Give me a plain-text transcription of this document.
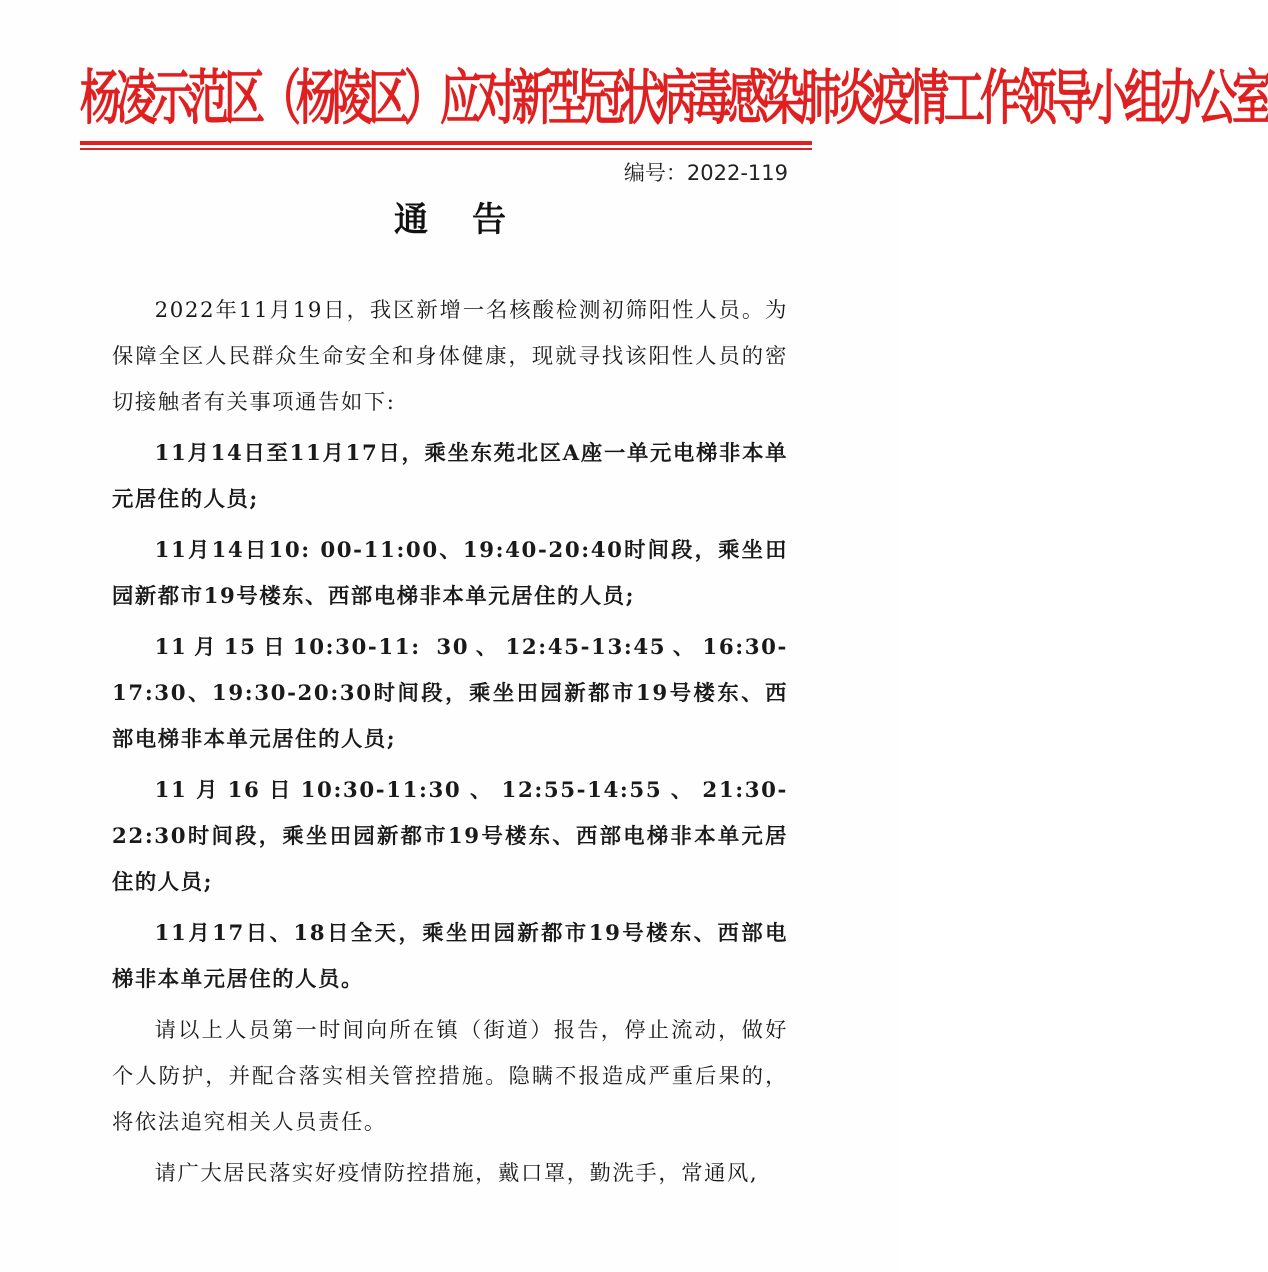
杨凌示范区（杨陵区）应对新型冠状病毒感染肺炎疫情工作领导小组办公室
编号：2022-119
通告

2022年11月19日，我区新增一名核酸检测初筛阳性人员。为保障全区人民群众生命安全和身体健康，现就寻找该阳性人员的密切接触者有关事项通告如下:

11月14日至11月17日，乘坐东苑北区A座一单元电梯非本单元居住的人员;

11月14日10: 00-11:00、19:40-20:40时间段，乘坐田园新都市19号楼东、西部电梯非本单元居住的人员;

11月15日10:30-11: 30、12:45-13:45、16:30-17:30、19:30-20:30时间段，乘坐田园新都市19号楼东、西部电梯非本单元居住的人员;

11月16日10:30-11:30、12:55-14:55、21:30-22:30时间段，乘坐田园新都市19号楼东、西部电梯非本单元居住的人员;

11月17日、18日全天，乘坐田园新都市19号楼东、西部电梯非本单元居住的人员。

请以上人员第一时间向所在镇（街道）报告，停止流动，做好个人防护，并配合落实相关管控措施。隐瞒不报造成严重后果的，将依法追究相关人员责任。

请广大居民落实好疫情防控措施，戴口罩，勤洗手，常通风,
